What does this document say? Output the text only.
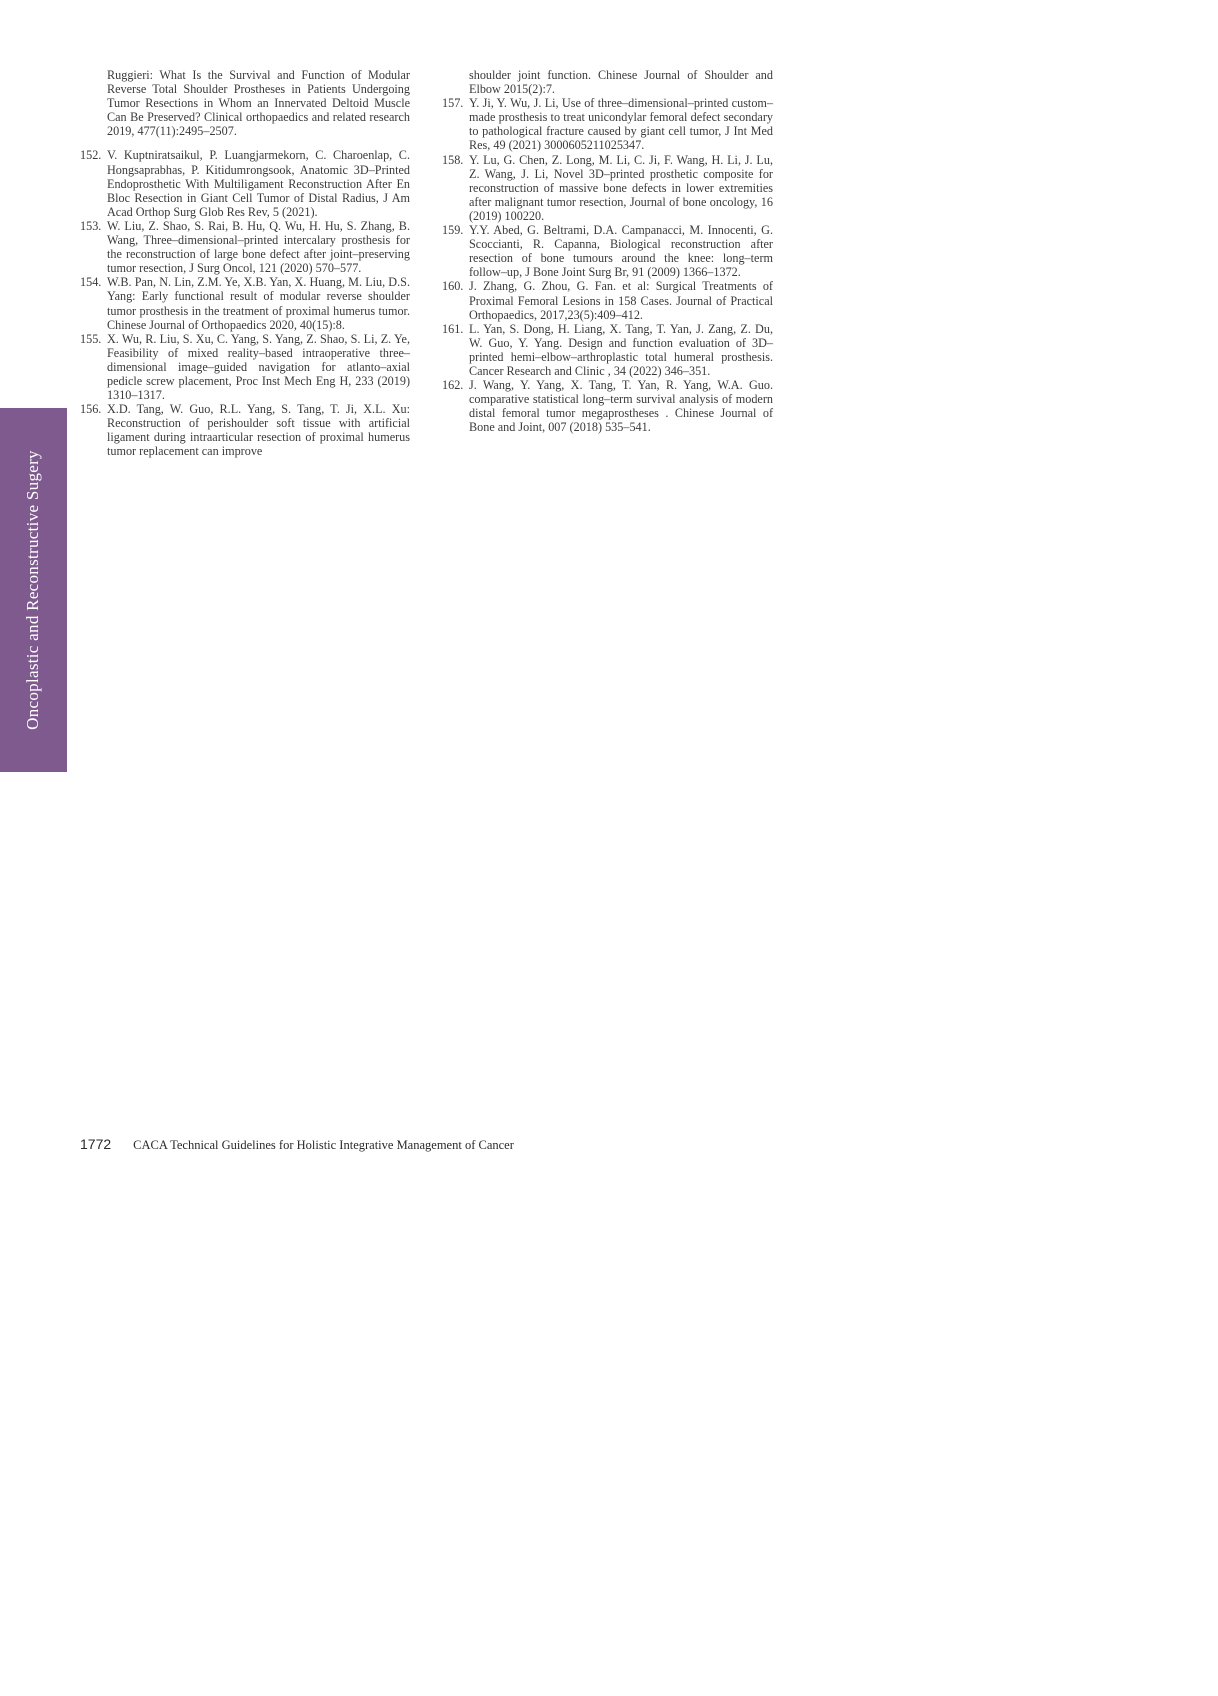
Oncoplastic and Reconstructive Sugery
Ruggieri: What Is the Survival and Function of Modular Reverse Total Shoulder Prostheses in Patients Undergoing Tumor Resections in Whom an Innervated Deltoid Muscle Can Be Preserved? Clinical orthopaedics and related research 2019, 477(11):2495–2507.
152. V. Kuptniratsaikul, P. Luangjarmekorn, C. Charoenlap, C. Hongsaprabhas, P. Kitidumrongsook, Anatomic 3D–Printed Endoprosthetic With Multiligament Reconstruction After En Bloc Resection in Giant Cell Tumor of Distal Radius, J Am Acad Orthop Surg Glob Res Rev, 5 (2021).
153. W. Liu, Z. Shao, S. Rai, B. Hu, Q. Wu, H. Hu, S. Zhang, B. Wang, Three–dimensional–printed intercalary prosthesis for the reconstruction of large bone defect after joint–preserving tumor resection, J Surg Oncol, 121 (2020) 570–577.
154. W.B. Pan, N. Lin, Z.M. Ye, X.B. Yan, X. Huang, M. Liu, D.S. Yang: Early functional result of modular reverse shoulder tumor prosthesis in the treatment of proximal humerus tumor. Chinese Journal of Orthopaedics 2020, 40(15):8.
155. X. Wu, R. Liu, S. Xu, C. Yang, S. Yang, Z. Shao, S. Li, Z. Ye, Feasibility of mixed reality–based intraoperative three–dimensional image–guided navigation for atlanto–axial pedicle screw placement, Proc Inst Mech Eng H, 233 (2019) 1310–1317.
156. X.D. Tang, W. Guo, R.L. Yang, S. Tang, T. Ji, X.L. Xu: Reconstruction of perishoulder soft tissue with artificial ligament during intraarticular resection of proximal humerus tumor replacement can improve
shoulder joint function. Chinese Journal of Shoulder and Elbow 2015(2):7.
157. Y. Ji, Y. Wu, J. Li, Use of three–dimensional–printed custom–made prosthesis to treat unicondylar femoral defect secondary to pathological fracture caused by giant cell tumor, J Int Med Res, 49 (2021) 3000605211025347.
158. Y. Lu, G. Chen, Z. Long, M. Li, C. Ji, F. Wang, H. Li, J. Lu, Z. Wang, J. Li, Novel 3D–printed prosthetic composite for reconstruction of massive bone defects in lower extremities after malignant tumor resection, Journal of bone oncology, 16 (2019) 100220.
159. Y.Y. Abed, G. Beltrami, D.A. Campanacci, M. Innocenti, G. Scoccianti, R. Capanna, Biological reconstruction after resection of bone tumours around the knee: long–term follow–up, J Bone Joint Surg Br, 91 (2009) 1366–1372.
160. J. Zhang, G. Zhou, G. Fan. et al: Surgical Treatments of Proximal Femoral Lesions in 158 Cases. Journal of Practical Orthopaedics, 2017,23(5):409–412.
161. L. Yan, S. Dong, H. Liang, X. Tang, T. Yan, J. Zang, Z. Du, W. Guo, Y. Yang. Design and function evaluation of 3D–printed hemi–elbow–arthroplastic total humeral prosthesis. Cancer Research and Clinic , 34 (2022) 346–351.
162. J. Wang, Y. Yang, X. Tang, T. Yan, R. Yang, W.A. Guo. comparative statistical long–term survival analysis of modern distal femoral tumor megaprostheses . Chinese Journal of Bone and Joint, 007 (2018) 535–541.
1772 CACA Technical Guidelines for Holistic Integrative Management of Cancer
